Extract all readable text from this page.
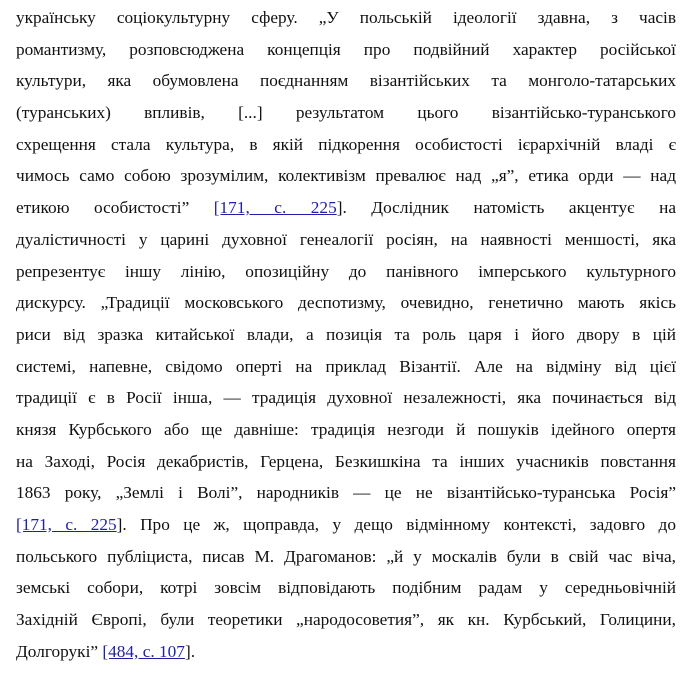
українську соціокультурну сферу. „У польській ідеології здавна, з часів
романтизму, розповсюджена концепція про подвійний характер російської
культури, яка обумовлена поєднанням візантійських та монголо-татарських
(туранських) впливів, [...] результатом цього візантійсько-туранського
схрещення стала культура, в якій підкорення особистості ієрархічній владі є
чимось само собою зрозумілим, колективізм превалює над „я”, етика орди — над
етикою особистості” [171, с. 225]. Дослідник натомість акцентує на
дуалістичності у царині духовної генеалогії росіян, на наявності меншості, яка
репрезентує іншу лінію, опозиційну до панівного імперського культурного
дискурсу. „Традиції московського деспотизму, очевидно, генетично мають якісь
риси від зразка китайської влади, а позиція та роль царя і його двору в цій
системі, напевне, свідомо оперті на приклад Візантії. Але на відміну від цієї
традиції є в Росії інша, — традиція духовної незалежності, яка починається від
князя Курбського або ще давніше: традиція незгоди й пошуків ідейного опертя
на Заході, Росія декабристів, Герцена, Безкишкіна та інших учасників повстання
1863 року, „Землі і Волі”, народників — це не візантійсько-туранська Росія”
[171, с. 225]. Про це ж, щоправда, у дещо відмінному контексті, задовго до
польського публіциста, писав М. Драгоманов: „й у москалів були в свій час віча,
земські собори, котрі зовсім відповідають подібним радам у середньовічній
Західній Європі, були теоретики „народосоветия”, як кн. Курбський, Голицини,
Долгорукі” [484, с. 107].
